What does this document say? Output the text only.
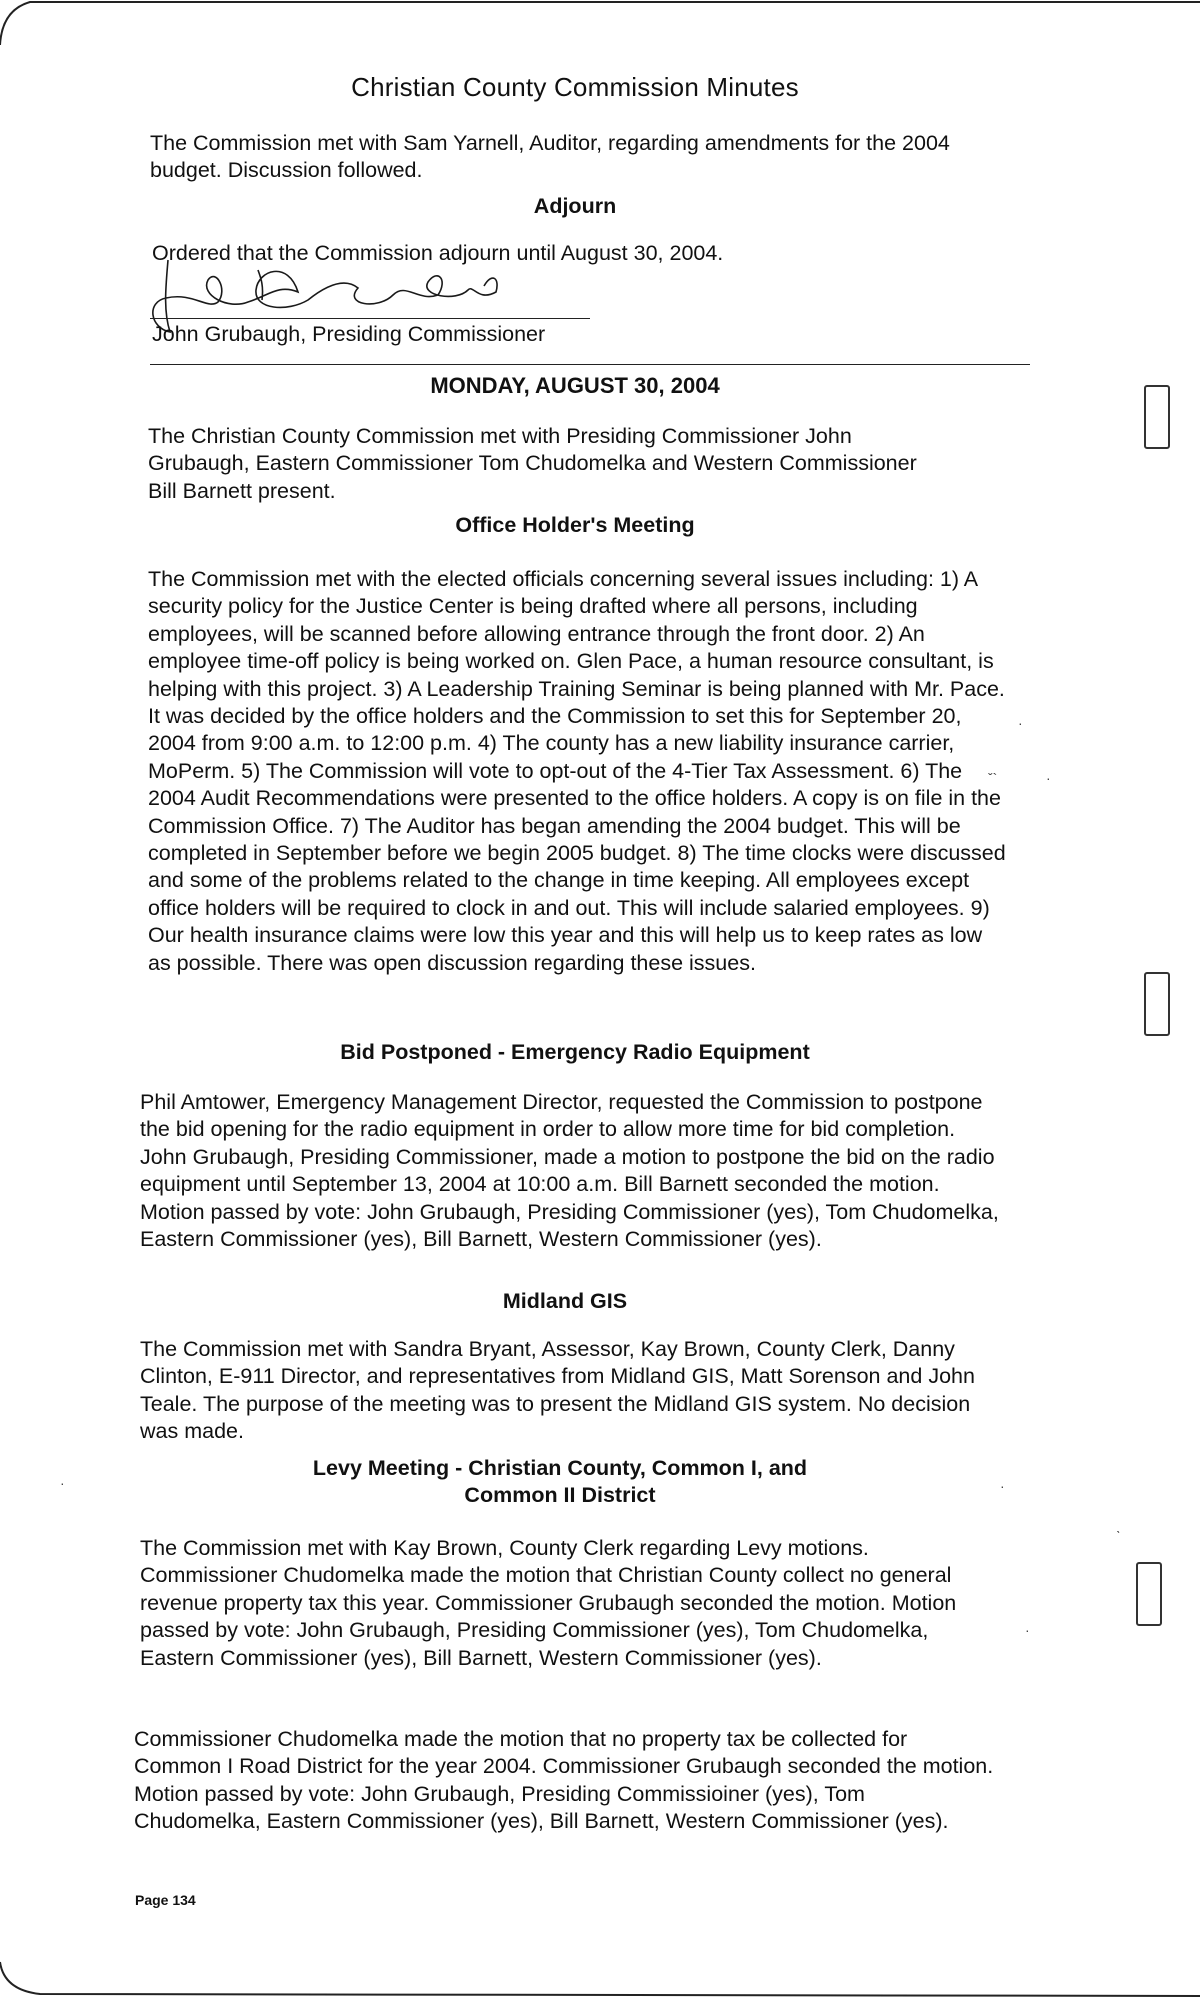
Christian County Commission Minutes

The Commission met with Sam Yarnell, Auditor, regarding amendments for the 2004 budget. Discussion followed.

Adjourn

Ordered that the Commission adjourn until August 30, 2004.

John Grubaugh, Presiding Commissioner
MONDAY, AUGUST 30, 2004

The Christian County Commission met with Presiding Commissioner John Grubaugh, Eastern Commissioner Tom Chudomelka and Western Commissioner Bill Barnett present.

Office Holder's Meeting

The Commission met with the elected officials concerning several issues including: 1) A security policy for the Justice Center is being drafted where all persons, including employees, will be scanned before allowing entrance through the front door. 2) An employee time-off policy is being worked on. Glen Pace, a human resource consultant, is helping with this project. 3) A Leadership Training Seminar is being planned with Mr. Pace. It was decided by the office holders and the Commission to set this for September 20, 2004 from 9:00 a.m. to 12:00 p.m. 4) The county has a new liability insurance carrier, MoPerm. 5) The Commission will vote to opt-out of the 4-Tier Tax Assessment. 6) The 2004 Audit Recommendations were presented to the office holders. A copy is on file in the Commission Office. 7) The Auditor has began amending the 2004 budget. This will be completed in September before we begin 2005 budget. 8) The time clocks were discussed and some of the problems related to the change in time keeping. All employees except office holders will be required to clock in and out. This will include salaried employees. 9) Our health insurance claims were low this year and this will help us to keep rates as low as possible. There was open discussion regarding these issues.

Bid Postponed - Emergency Radio Equipment

Phil Amtower, Emergency Management Director, requested the Commission to postpone the bid opening for the radio equipment in order to allow more time for bid completion. John Grubaugh, Presiding Commissioner, made a motion to postpone the bid on the radio equipment until September 13, 2004 at 10:00 a.m. Bill Barnett seconded the motion. Motion passed by vote: John Grubaugh, Presiding Commissioner (yes), Tom Chudomelka, Eastern Commissioner (yes), Bill Barnett, Western Commissioner (yes).

Midland GIS

The Commission met with Sandra Bryant, Assessor, Kay Brown, County Clerk, Danny Clinton, E-911 Director, and representatives from Midland GIS, Matt Sorenson and John Teale. The purpose of the meeting was to present the Midland GIS system. No decision was made.

Levy Meeting - Christian County, Common I, and
Common II District

The Commission met with Kay Brown, County Clerk regarding Levy motions. Commissioner Chudomelka made the motion that Christian County collect no general revenue property tax this year. Commissioner Grubaugh seconded the motion. Motion passed by vote: John Grubaugh, Presiding Commissioner (yes), Tom Chudomelka, Eastern Commissioner (yes), Bill Barnett, Western Commissioner (yes).

Commissioner Chudomelka made the motion that no property tax be collected for Common I Road District for the year 2004. Commissioner Grubaugh seconded the motion. Motion passed by vote: John Grubaugh, Presiding Commissioiner (yes), Tom Chudomelka, Eastern Commissioner (yes), Bill Barnett, Western Commissioner (yes).

Page 134
·
ˇ`	·
·	·
ˋ
·
